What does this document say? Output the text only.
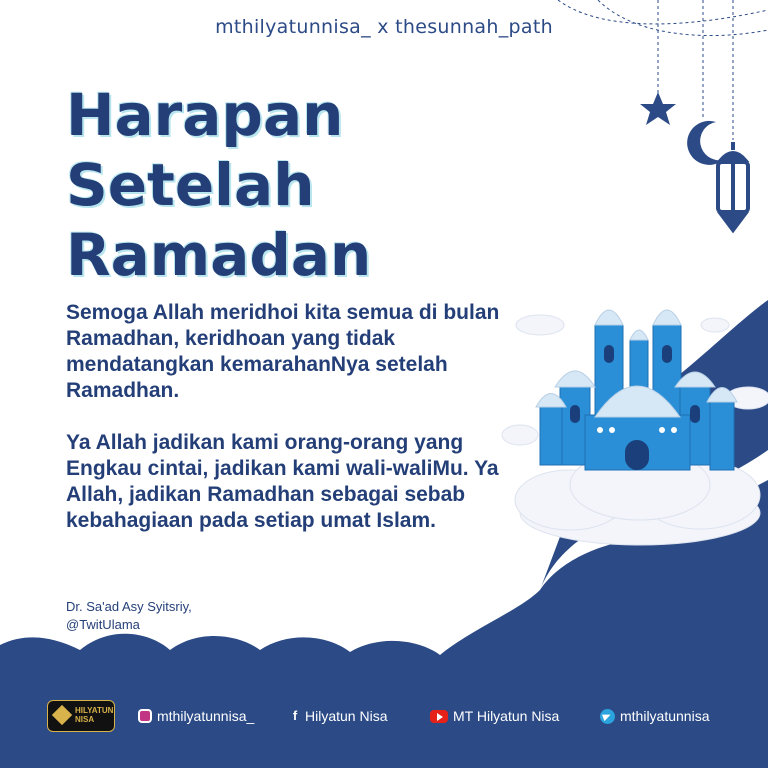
mthilyatunnisa_ x thesunnah_path
Harapan
Setelah
Ramadan

Semoga Allah meridhoi kita semua di bulan Ramadhan, keridhoan yang tidak mendatangkan kemarahanNya setelah Ramadhan.

Ya Allah jadikan kami orang-orang yang Engkau cintai, jadikan kami wali-waliMu. Ya Allah, jadikan Ramadhan sebagai sebab kebahagiaan pada setiap umat Islam.

Dr. Sa'ad Asy Syitsriy,
@TwitUlama
HILYATUN
NISA	mthilyatunnisa_	f Hilyatun Nisa	MT Hilyatun Nisa	mthilyatunnisa
